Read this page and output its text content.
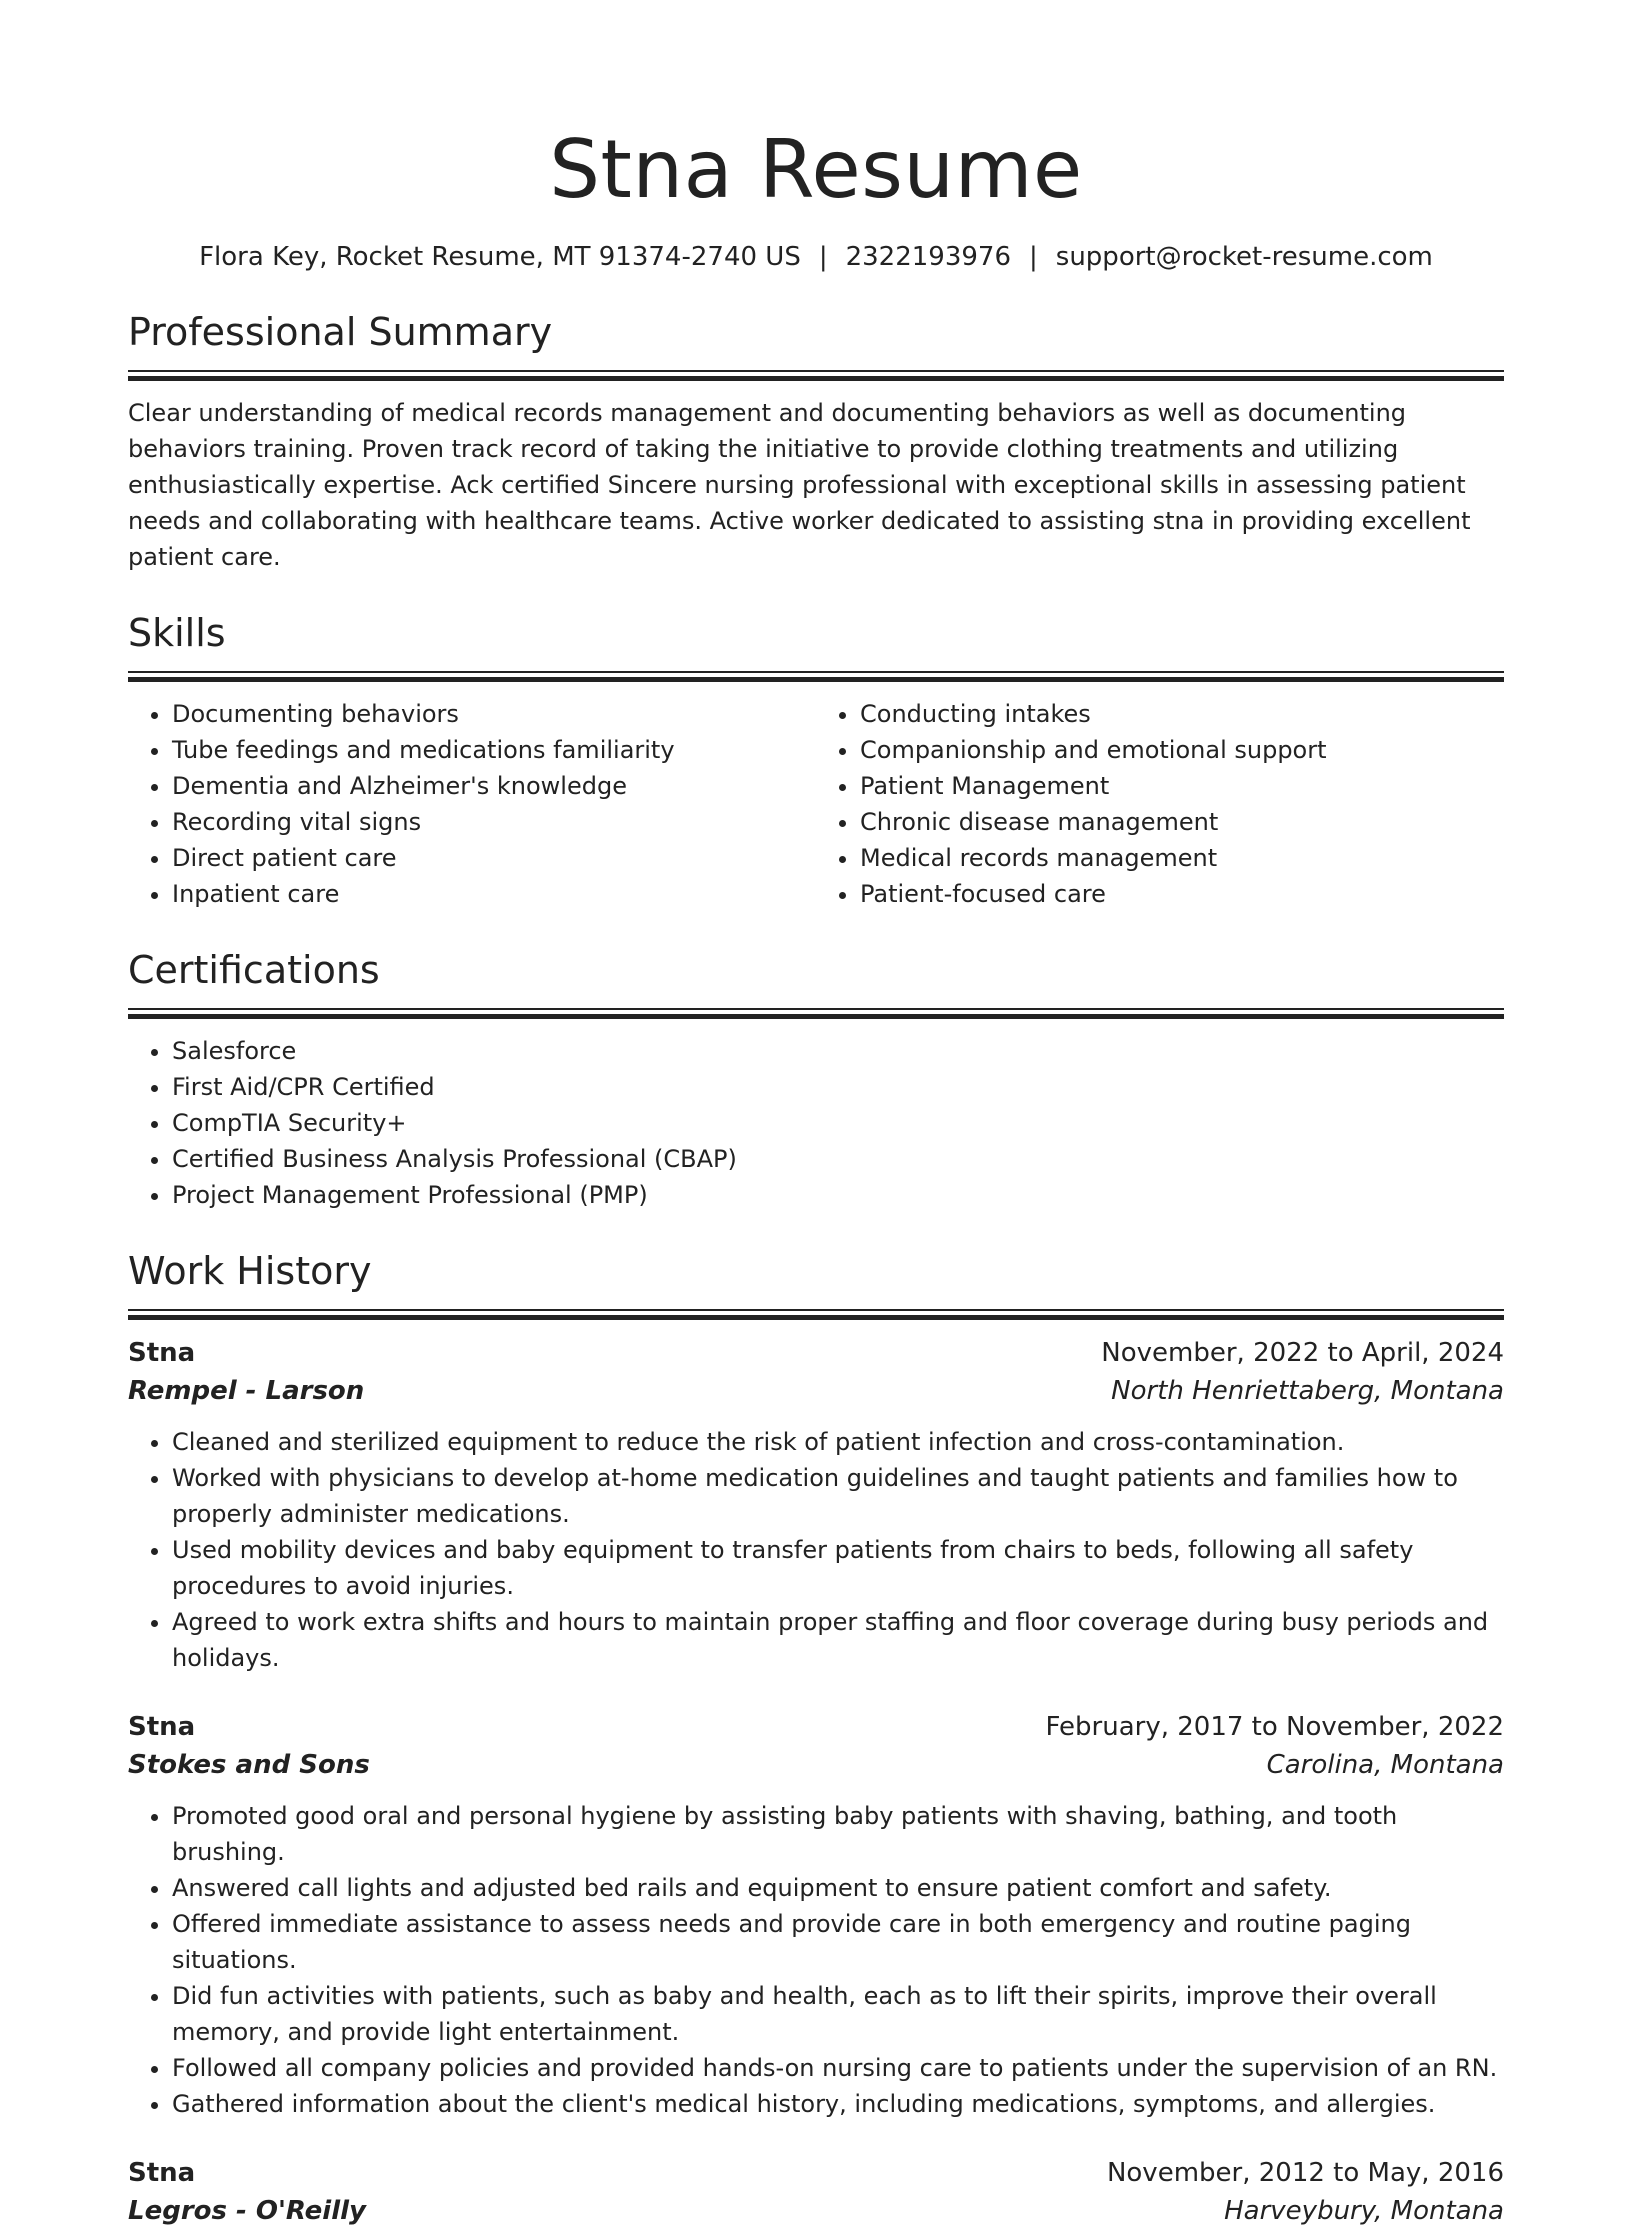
Stna Resume
Flora Key, Rocket Resume, MT 91374-2740 US | 2322193976 | support@rocket-resume.com
Professional Summary
Clear understanding of medical records management and documenting behaviors as well as documenting behaviors training. Proven track record of taking the initiative to provide clothing treatments and utilizing enthusiastically expertise. Ack certified Sincere nursing professional with exceptional skills in assessing patient needs and collaborating with healthcare teams. Active worker dedicated to assisting stna in providing excellent patient care.
Skills
• Documenting behaviors
• Tube feedings and medications familiarity
• Dementia and Alzheimer's knowledge
• Recording vital signs
• Direct patient care
• Inpatient care
• Conducting intakes
• Companionship and emotional support
• Patient Management
• Chronic disease management
• Medical records management
• Patient-focused care
Certifications
• Salesforce
• First Aid/CPR Certified
• CompTIA Security+
• Certified Business Analysis Professional (CBAP)
• Project Management Professional (PMP)
Work History
Stna	November, 2022 to April, 2024
Rempel - Larson	North Henriettaberg, Montana
• Cleaned and sterilized equipment to reduce the risk of patient infection and cross-contamination.
• Worked with physicians to develop at-home medication guidelines and taught patients and families how to properly administer medications.
• Used mobility devices and baby equipment to transfer patients from chairs to beds, following all safety procedures to avoid injuries.
• Agreed to work extra shifts and hours to maintain proper staffing and floor coverage during busy periods and holidays.
Stna	February, 2017 to November, 2022
Stokes and Sons	Carolina, Montana
• Promoted good oral and personal hygiene by assisting baby patients with shaving, bathing, and tooth brushing.
• Answered call lights and adjusted bed rails and equipment to ensure patient comfort and safety.
• Offered immediate assistance to assess needs and provide care in both emergency and routine paging situations.
• Did fun activities with patients, such as baby and health, each as to lift their spirits, improve their overall memory, and provide light entertainment.
• Followed all company policies and provided hands-on nursing care to patients under the supervision of an RN.
• Gathered information about the client's medical history, including medications, symptoms, and allergies.
Stna	November, 2012 to May, 2016
Legros - O'Reilly	Harveybury, Montana
